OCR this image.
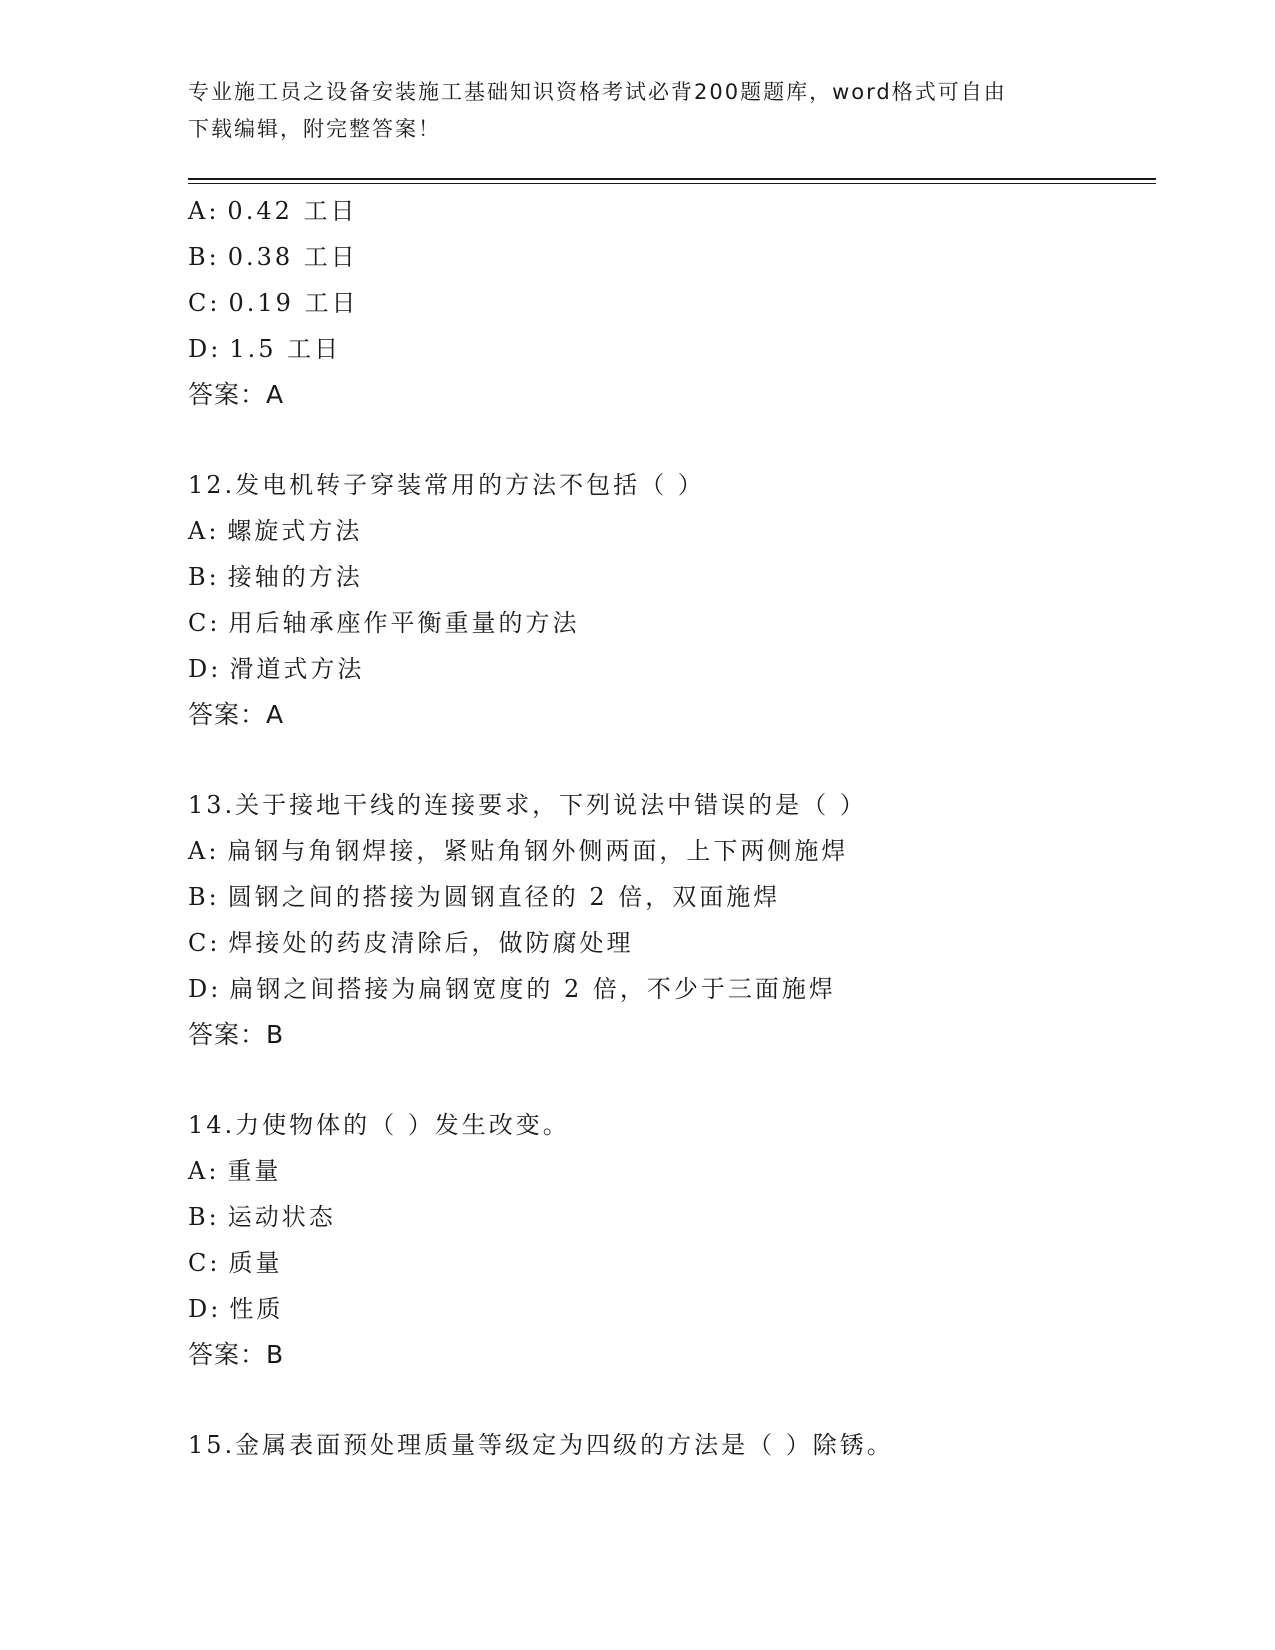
专业施工员之设备安装施工基础知识资格考试必背200题题库，word格式可自由
下载编辑，附完整答案！
A: 0.42 工日
B: 0.38 工日
C: 0.19 工日
D: 1.5 工日
答案：A
12.发电机转子穿装常用的方法不包括（ ）
A: 螺旋式方法
B: 接轴的方法
C: 用后轴承座作平衡重量的方法
D: 滑道式方法
答案：A
13.关于接地干线的连接要求，下列说法中错误的是（ ）
A: 扁钢与角钢焊接，紧贴角钢外侧两面，上下两侧施焊
B: 圆钢之间的搭接为圆钢直径的 2 倍，双面施焊
C: 焊接处的药皮清除后，做防腐处理
D: 扁钢之间搭接为扁钢宽度的 2 倍，不少于三面施焊
答案：B
14.力使物体的（ ）发生改变。
A: 重量
B: 运动状态
C: 质量
D: 性质
答案：B
15.金属表面预处理质量等级定为四级的方法是（ ）除锈。
